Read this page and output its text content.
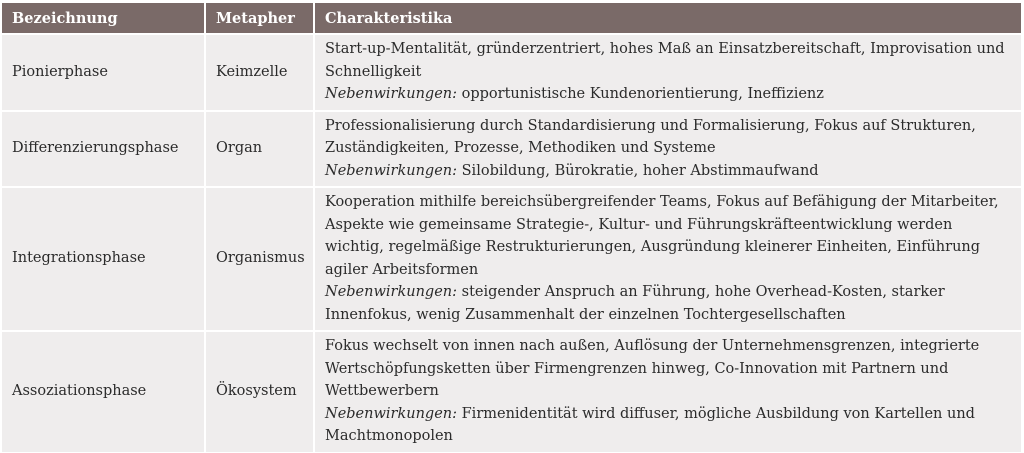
Bezeichnung	Metapher	Charakteristika
Pionierphase	Keimzelle	Start-up-Mentalität, gründerzentriert, hohes Maß an Einsatzbereitschaft, Improvisation und Schnelligkeit
Nebenwirkungen: opportunistische Kundenorientierung, Ineffizienz

Differenzierungsphase	Organ	Professionalisierung durch Standardisierung und Formalisierung, Fokus auf Strukturen, Zuständigkeiten, Prozesse, Methodiken und Systeme
Nebenwirkungen: Silobildung, Bürokratie, hoher Abstimmaufwand

Integrationsphase	Organismus	Kooperation mithilfe bereichsübergreifender Teams, Fokus auf Befähigung der Mitarbeiter, Aspekte wie gemeinsame Strategie-, Kultur- und Führungskräfteentwicklung werden wichtig, regelmäßige Restrukturierungen, Ausgründung kleinerer Einheiten, Einführung agiler Arbeitsformen
Nebenwirkungen: steigender Anspruch an Führung, hohe Overhead-Kosten, starker Innenfokus, wenig Zusammenhalt der einzelnen Tochtergesellschaften

Assoziationsphase	Ökosystem	Fokus wechselt von innen nach außen, Auflösung der Unternehmensgrenzen, integrierte Wertschöpfungsketten über Firmengrenzen hinweg, Co-Innovation mit Partnern und Wettbewerbern
Nebenwirkungen: Firmenidentität wird diffuser, mögliche Ausbildung von Kartellen und Machtmonopolen
